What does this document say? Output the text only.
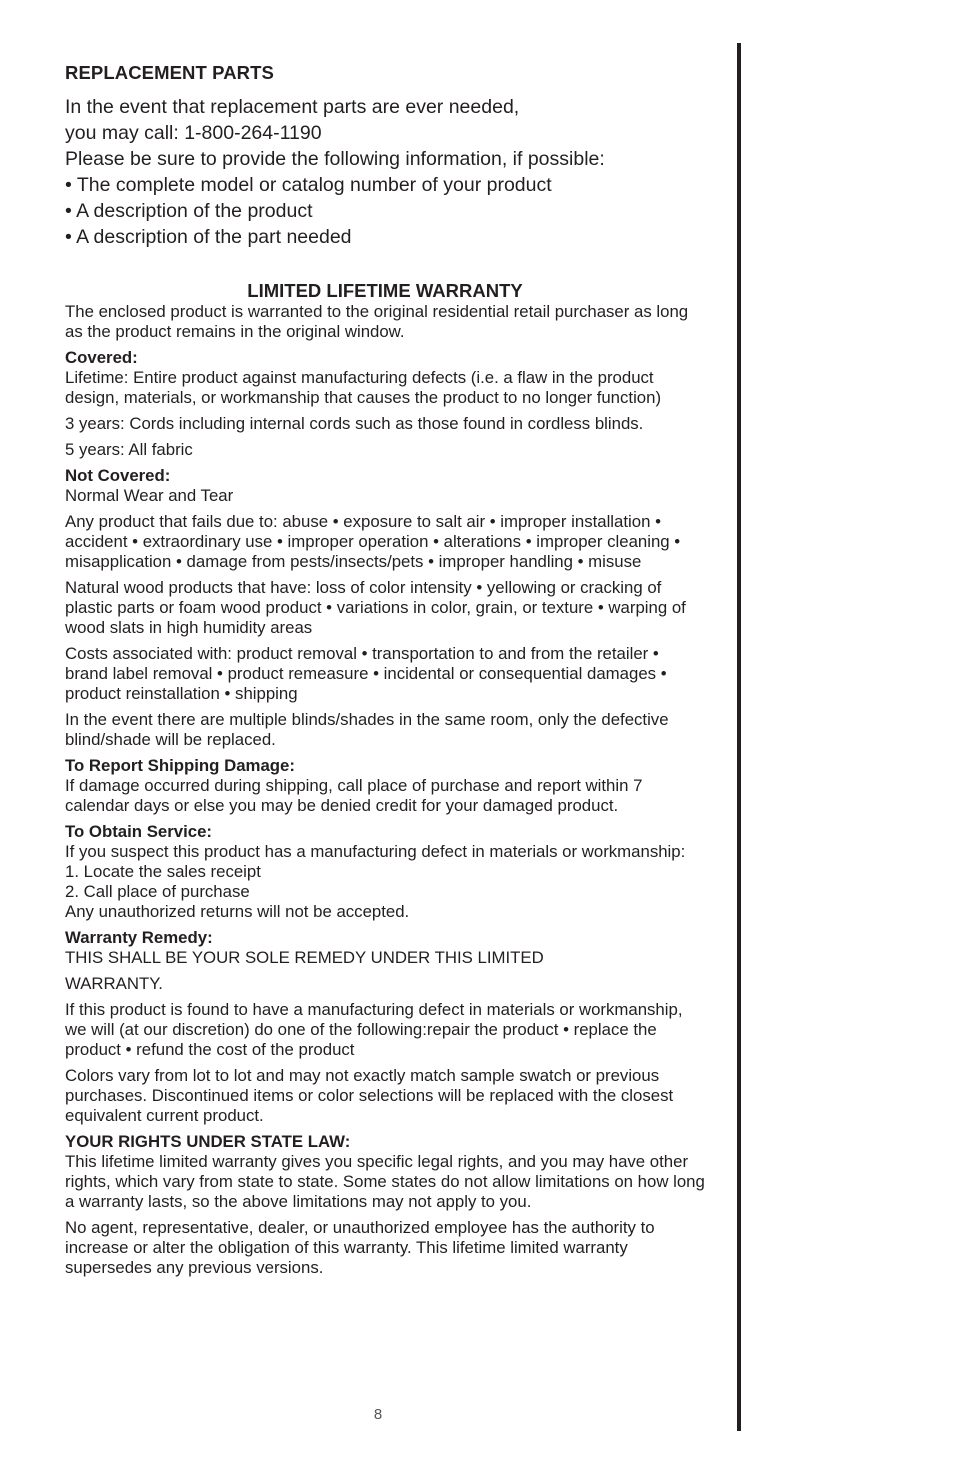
REPLACEMENT PARTS

In the event that replacement parts are ever needed,

you may call: 1-800-264-1190

Please be sure to provide the following information, if possible:

• The complete model or catalog number of your product
• A description of the product
• A description of the part needed
LIMITED LIFETIME WARRANTY

The enclosed product is warranted to the original residential retail purchaser as long as the product remains in the original window.

Covered:

Lifetime: Entire product against manufacturing defects (i.e. a flaw in the product design, materials, or workmanship that causes the product to no longer function)

3 years: Cords including internal cords such as those found in cordless blinds.

5 years: All fabric

Not Covered:

Normal Wear and Tear

Any product that fails due to: abuse • exposure to salt air • improper installation • accident • extraordinary use • improper operation • alterations • improper cleaning • misapplication • damage from pests/insects/pets • improper handling • misuse

Natural wood products that have: loss of color intensity • yellowing or cracking of plastic parts or foam wood product • variations in color, grain, or texture • warping of wood slats in high humidity areas

Costs associated with: product removal • transportation to and from the retailer • brand label removal • product remeasure • incidental or consequential damages • product reinstallation • shipping

In the event there are multiple blinds/shades in the same room, only the defective blind/shade will be replaced.

To Report Shipping Damage:

If damage occurred during shipping, call place of purchase and report within 7 calendar days or else you may be denied credit for your damaged product.

To Obtain Service:

If you suspect this product has a manufacturing defect in materials or workmanship:

1. Locate the sales receipt
2. Call place of purchase

Any unauthorized returns will not be accepted.

Warranty Remedy:

THIS SHALL BE YOUR SOLE REMEDY UNDER THIS LIMITED

WARRANTY.

If this product is found to have a manufacturing defect in materials or workmanship, we will (at our discretion) do one of the following:repair the product • replace the product • refund the cost of the product

Colors vary from lot to lot and may not exactly match sample swatch or previous purchases. Discontinued items or color selections will be replaced with the closest equivalent current product.

YOUR RIGHTS UNDER STATE LAW:

This lifetime limited warranty gives you specific legal rights, and you may have other rights, which vary from state to state. Some states do not allow limitations on how long a warranty lasts, so the above limitations may not apply to you.

No agent, representative, dealer, or unauthorized employee has the authority to increase or alter the obligation of this warranty. This lifetime limited warranty supersedes any previous versions.

8
